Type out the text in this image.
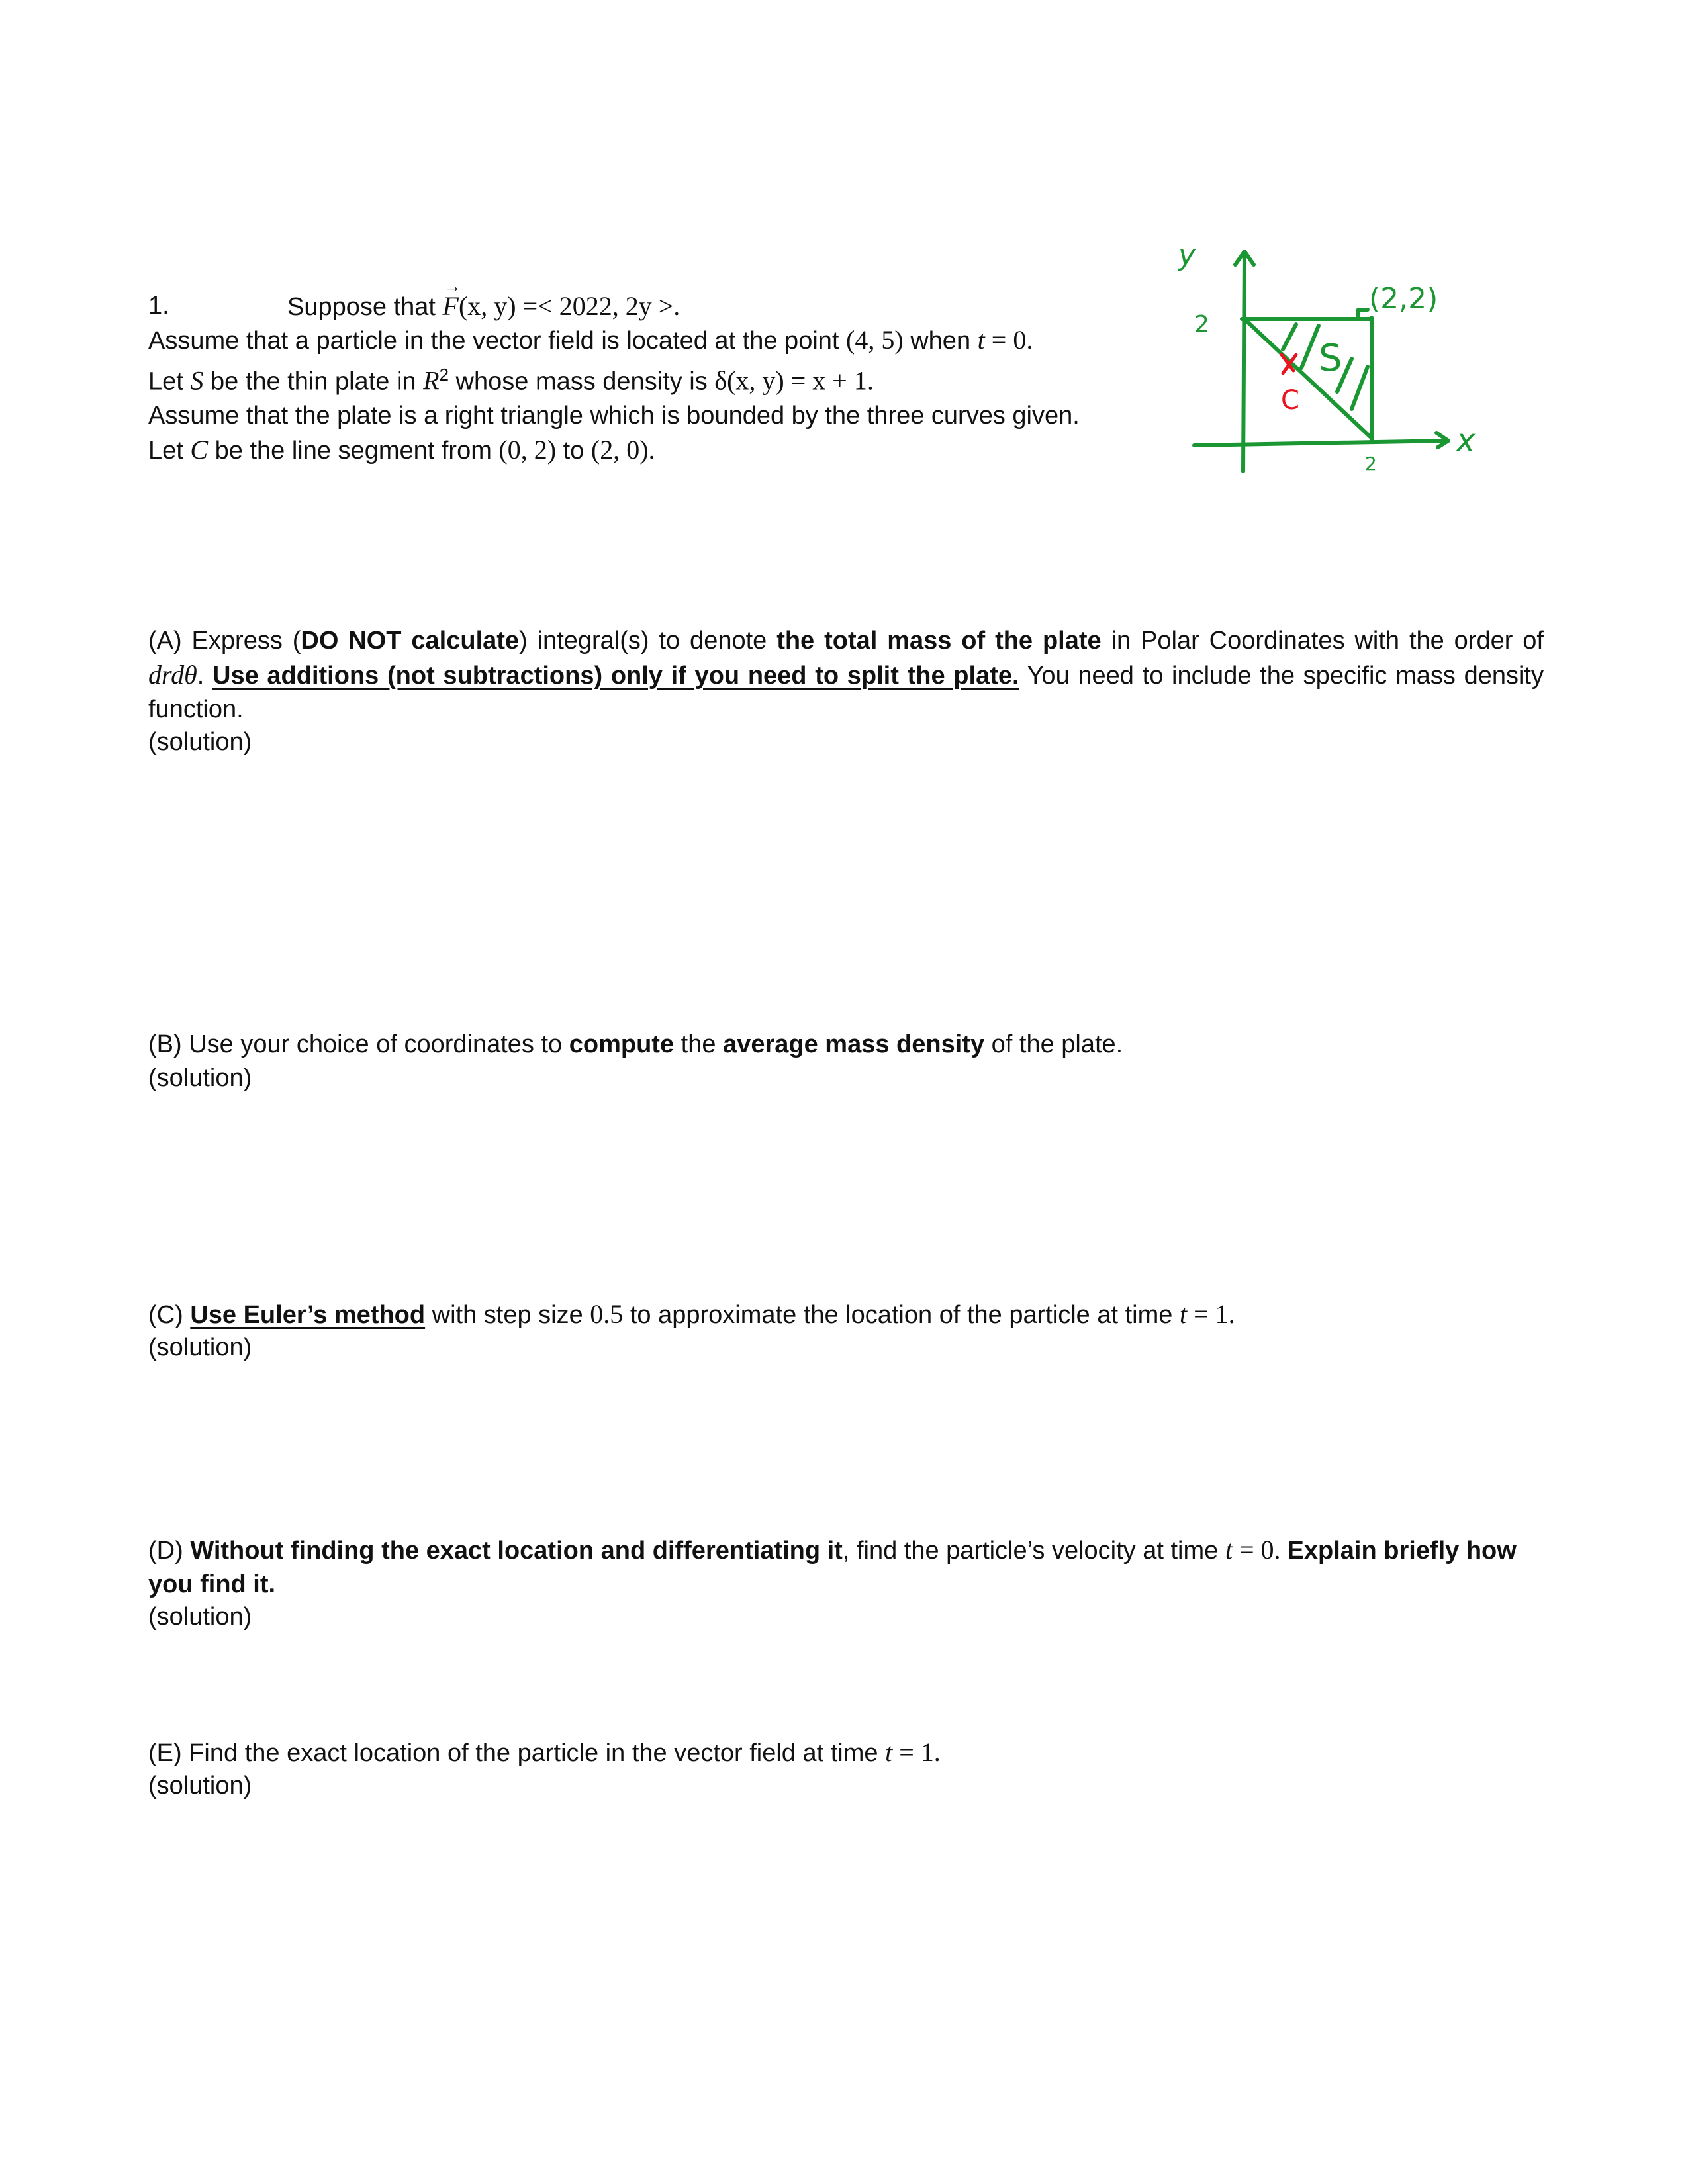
1.	Suppose that → F(x, y) =< 2022, 2y >.
Assume that a particle in the vector field is located at the point (4, 5) when t = 0.
Let S be the thin plate in $R^2$ whose mass density is δ(x, y) = x + 1.
Assume that the plate is a right triangle which is bounded by the three curves given.
Let C be the line segment from (0, 2) to (2, 0).
y
2
2
x
(2,2)
S
C
(A) Express (DO NOT calculate) integral(s) to denote the total mass of the plate in Polar Coordinates with the order of drdθ. Use additions (not subtractions) only if you need to split the plate. You need to include the specific mass density function.
(solution)
(B) Use your choice of coordinates to compute the average mass density of the plate.
(solution)
(C) Use Euler’s method with step size 0.5 to approximate the location of the particle at time t = 1.
(solution)
(D) Without finding the exact location and differentiating it, find the particle’s velocity at time t = 0. Explain briefly how you find it.
(solution)
(E) Find the exact location of the particle in the vector field at time t = 1.
(solution)
